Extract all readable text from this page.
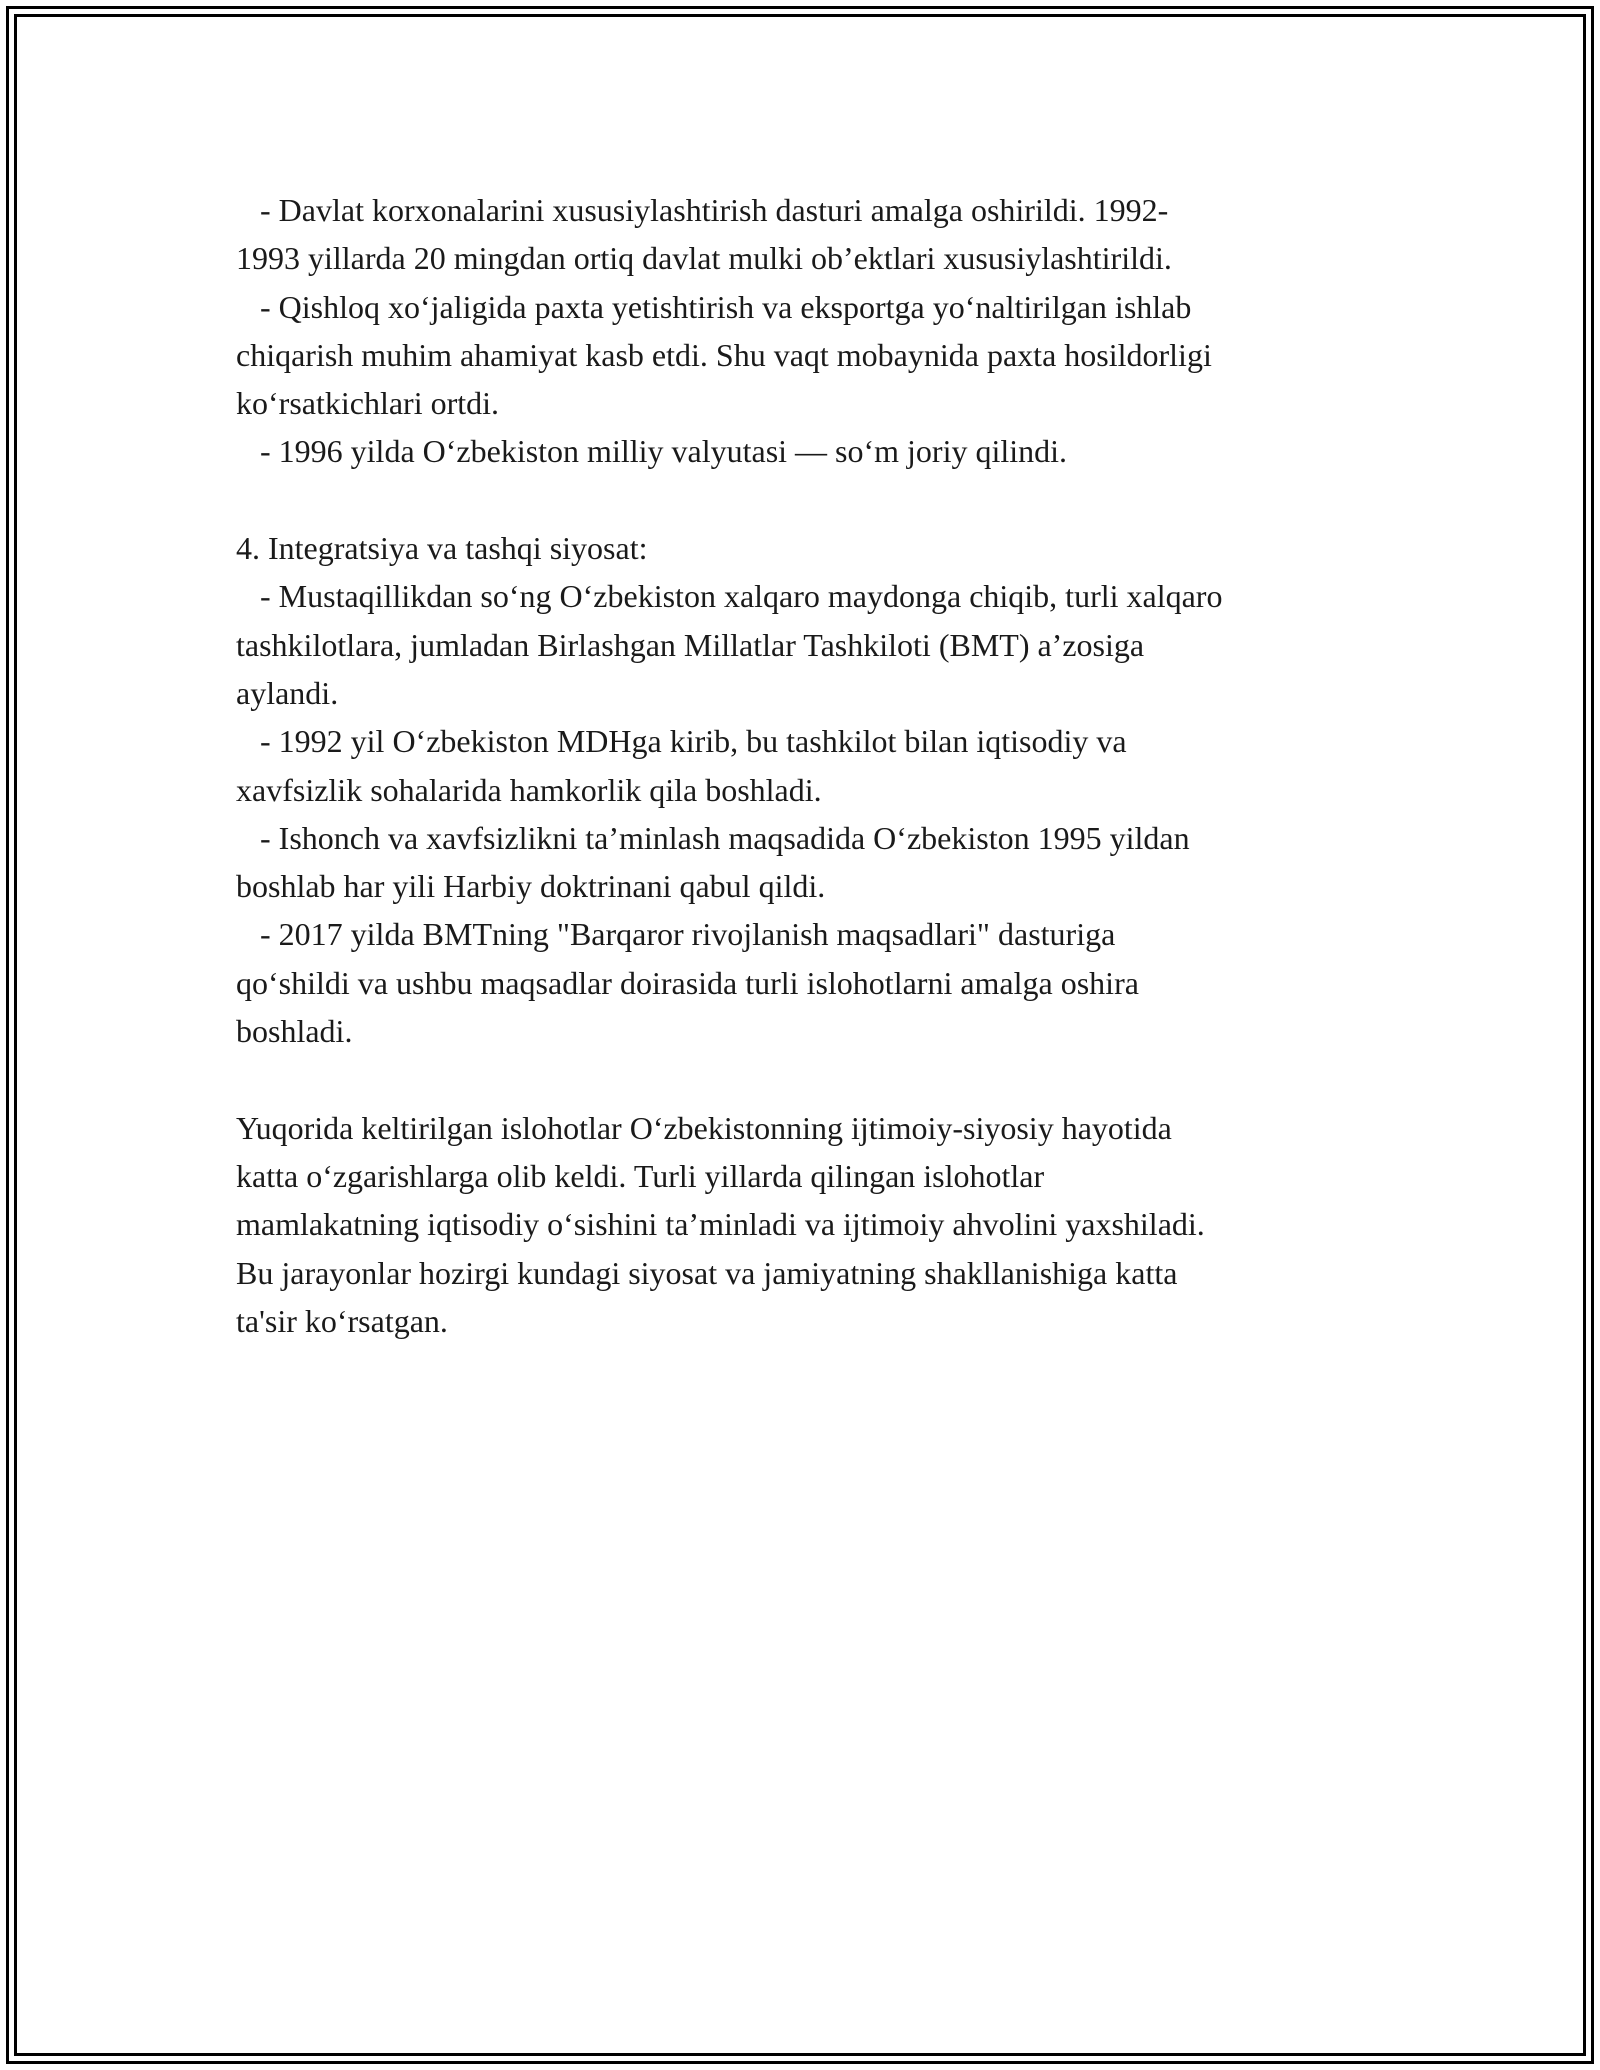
- Davlat korxonalarini xususiylashtirish dasturi amalga oshirildi. 1992-
1993 yillarda 20 mingdan ortiq davlat mulki ob’ektlari xususiylashtirildi.

- Qishloq xo‘jaligida paxta yetishtirish va eksportga yo‘naltirilgan ishlab
chiqarish muhim ahamiyat kasb etdi. Shu vaqt mobaynida paxta hosildorligi
ko‘rsatkichlari ortdi.

- 1996 yilda O‘zbekiston milliy valyutasi — so‘m joriy qilindi.

4. Integratsiya va tashqi siyosat:

- Mustaqillikdan so‘ng O‘zbekiston xalqaro maydonga chiqib, turli xalqaro
tashkilotlara, jumladan Birlashgan Millatlar Tashkiloti (BMT) a’zosiga
aylandi.

- 1992 yil O‘zbekiston MDHga kirib, bu tashkilot bilan iqtisodiy va
xavfsizlik sohalarida hamkorlik qila boshladi.

- Ishonch va xavfsizlikni ta’minlash maqsadida O‘zbekiston 1995 yildan
boshlab har yili Harbiy doktrinani qabul qildi.

- 2017 yilda BMTning "Barqaror rivojlanish maqsadlari" dasturiga
qo‘shildi va ushbu maqsadlar doirasida turli islohotlarni amalga oshira
boshladi.

Yuqorida keltirilgan islohotlar O‘zbekistonning ijtimoiy-siyosiy hayotida
katta o‘zgarishlarga olib keldi. Turli yillarda qilingan islohotlar
mamlakatning iqtisodiy o‘sishini ta’minladi va ijtimoiy ahvolini yaxshiladi.
Bu jarayonlar hozirgi kundagi siyosat va jamiyatning shakllanishiga katta
ta'sir ko‘rsatgan.
